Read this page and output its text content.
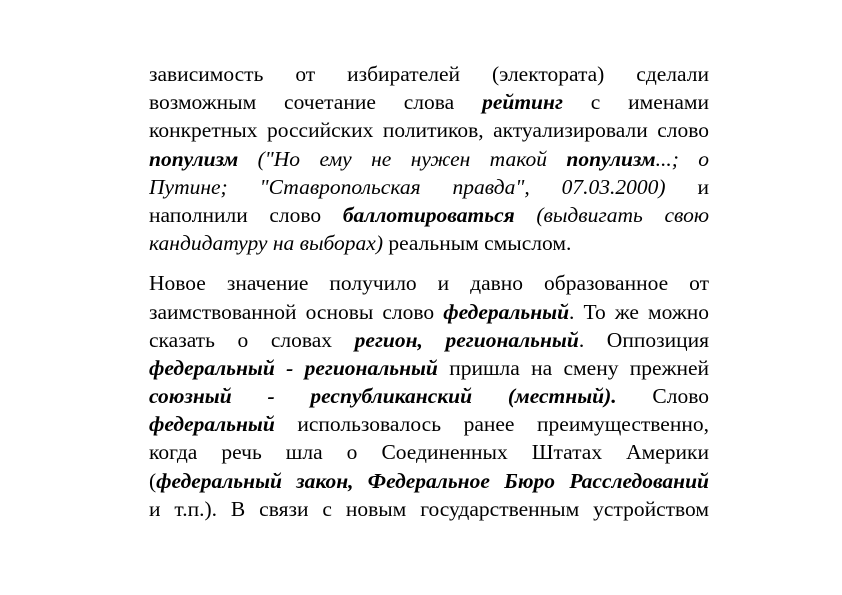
зависимость от избирателей (электората) сделали
возможным сочетание слова рейтинг с именами
конкретных российских политиков, актуализировали слово
популизм ("Но ему не нужен такой популизм...; о
Путине; "Ставропольская правда", 07.03.2000) и
наполнили слово баллотироваться (выдвигать свою
кандидатуру на выборах) реальным смыслом.

Новое значение получило и давно образованное от
заимствованной основы слово федеральный. То же можно
сказать о словах регион, региональный. Оппозиция
федеральный - региональный пришла на смену прежней
союзный - республиканский (местный). Слово
федеральный использовалось ранее преимущественно,
когда речь шла о Соединенных Штатах Америки
(федеральный закон, Федеральное Бюро Расследований
и т.п.). В связи с новым государственным устройством
